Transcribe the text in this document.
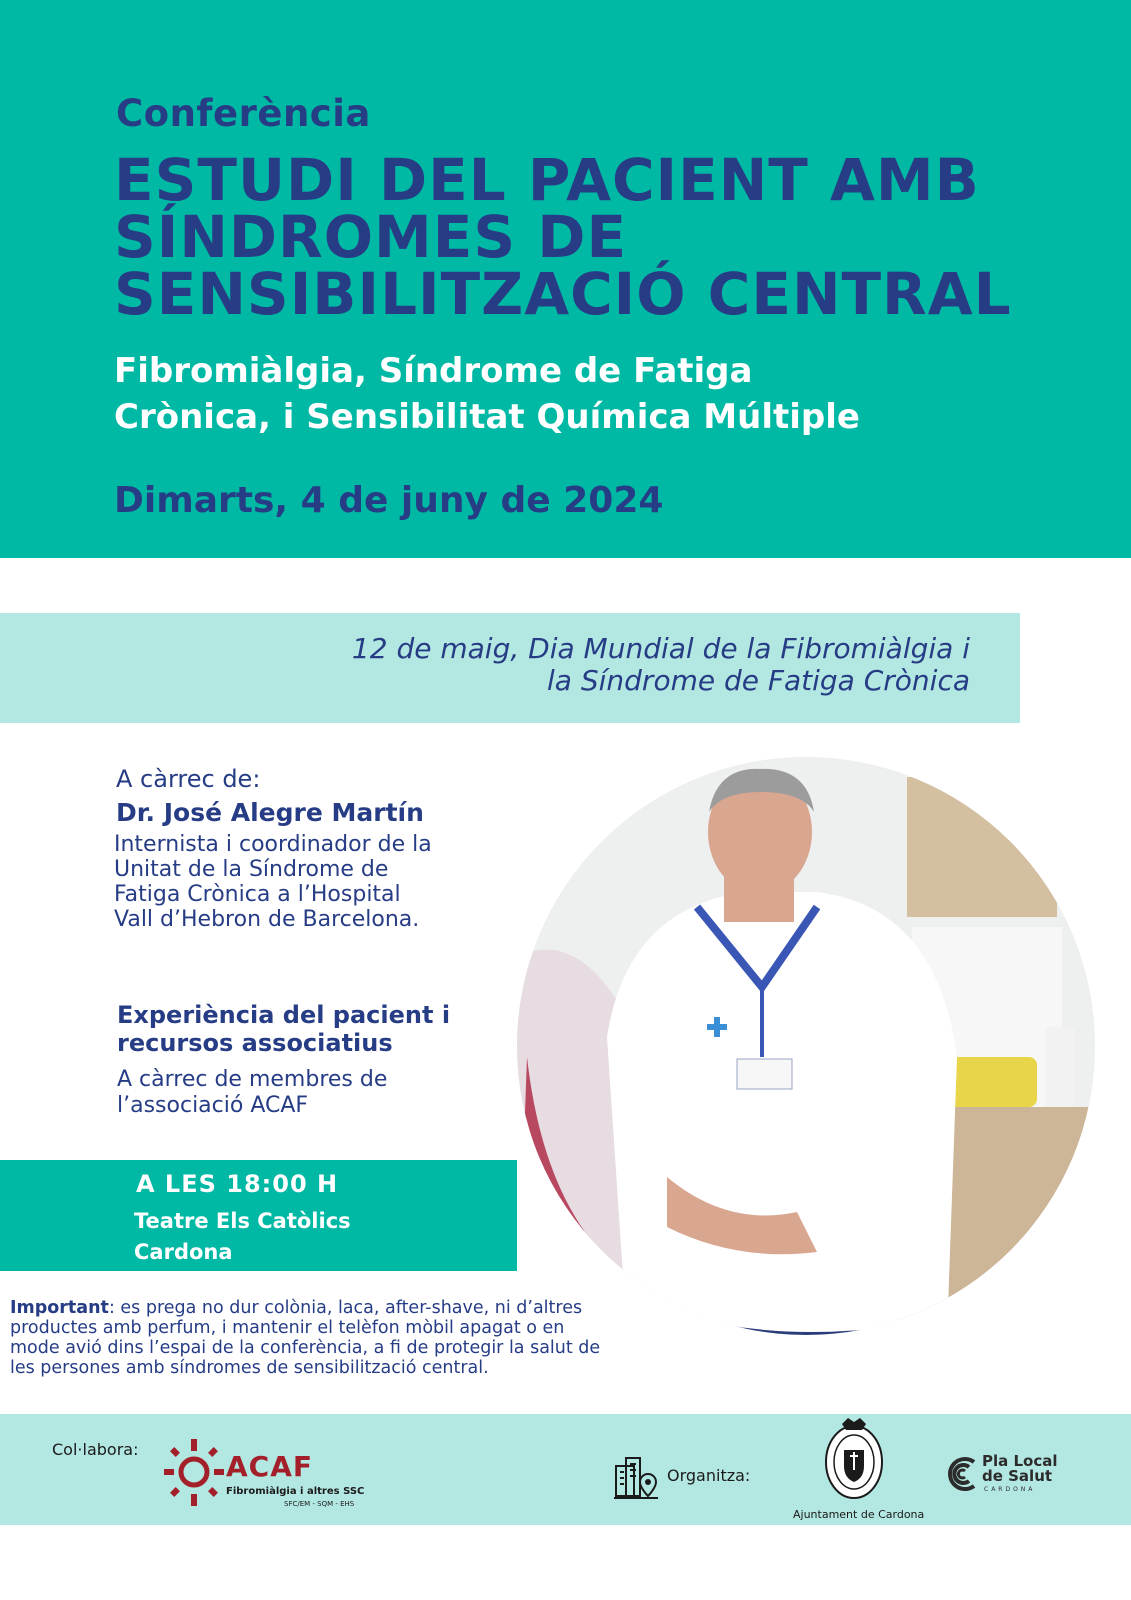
Conferència
ESTUDI DEL PACIENT AMB
SÍNDROMES DE
SENSIBILITZACIÓ CENTRAL
Fibromiàlgia, Síndrome de Fatiga
Crònica, i Sensibilitat Química Múltiple
Dimarts, 4 de juny de 2024
12 de maig, Dia Mundial de la Fibromiàlgia i
la Síndrome de Fatiga Crònica
A càrrec de:
Dr. José Alegre Martín
Internista i coordinador de la
Unitat de la Síndrome de
Fatiga Crònica a l’Hospital
Vall d’Hebron de Barcelona.
Experiència del pacient i
recursos associatius
A càrrec de membres de
l’associació ACAF
A LES 18:00 H
Teatre Els Catòlics
Cardona
Important: es prega no dur colònia, laca, after-shave, ni d’altres productes amb perfum, i mantenir el telèfon mòbil apagat o en mode avió dins l’espai de la conferència, a fi de protegir la salut de les persones amb síndromes de sensibilització central.
Col·labora:
ACAF
Fibromiàlgia i altres SSC
SFC/EM - SQM - EHS
Organitza:
Ajuntament de Cardona
Pla Local
de Salut
CARDONA
